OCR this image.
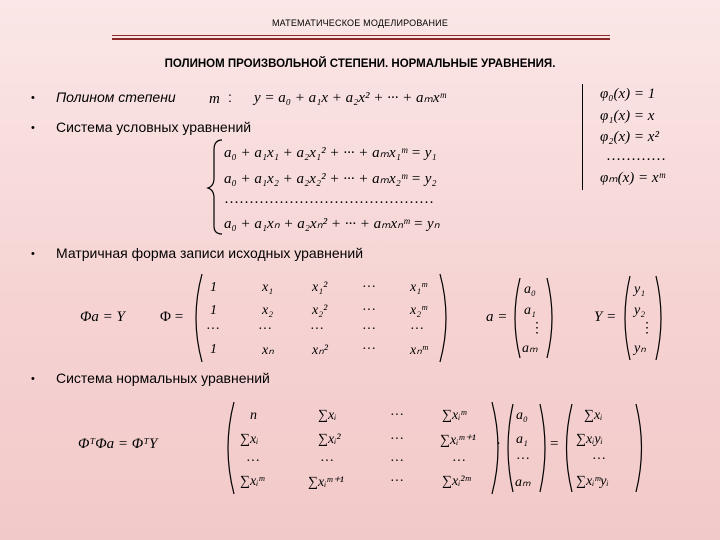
МАТЕМАТИЧЕСКОЕ МОДЕЛИРОВАНИЕ
ПОЛИНОМ ПРОИЗВОЛЬНОЙ СТЕПЕНИ. НОРМАЛЬНЫЕ УРАВНЕНИЯ.
• Полином степени m : y = a₀ + a₁x + a₂x² + ··· + aₘxᵐ
• Система условных уравнений
φ₀(x) = 1
φ₁(x) = x
φ₂(x) = x²
…………
φₘ(x) = xᵐ
a₀ + a₁x₁ + a₂x₁² + ··· + aₘx₁ᵐ = y₁
a₀ + a₁x₂ + a₂x₂² + ··· + aₘx₂ᵐ = y₂
……………………………………
a₀ + a₁xₙ + a₂xₙ² + ··· + aₘxₙᵐ = yₙ
• Матричная форма записи исходных уравнений
Φa = Y Φ =
1	x₁	x₁² ··· x₁ᵐ
1	x₂	x₂² ··· x₂ᵐ
···	···	···	··· ···
1	xₙ	xₙ² ··· xₙᵐ
a =
a₀
a₁
⋮
aₘ
Y =
y₁
y₂
⋮
yₙ
• Система нормальных уравнений
ΦᵀΦa = ΦᵀY
n	∑xᵢ	···	∑xᵢᵐ
∑xᵢ	∑xᵢ²	···	∑xᵢᵐ⁺¹
···	···	···	···
∑xᵢᵐ	∑xᵢᵐ⁺¹	···	∑xᵢ²ᵐ
·
a₀
a₁
···
aₘ
=
∑xᵢ
∑xᵢyᵢ
···
∑xᵢᵐyᵢ
